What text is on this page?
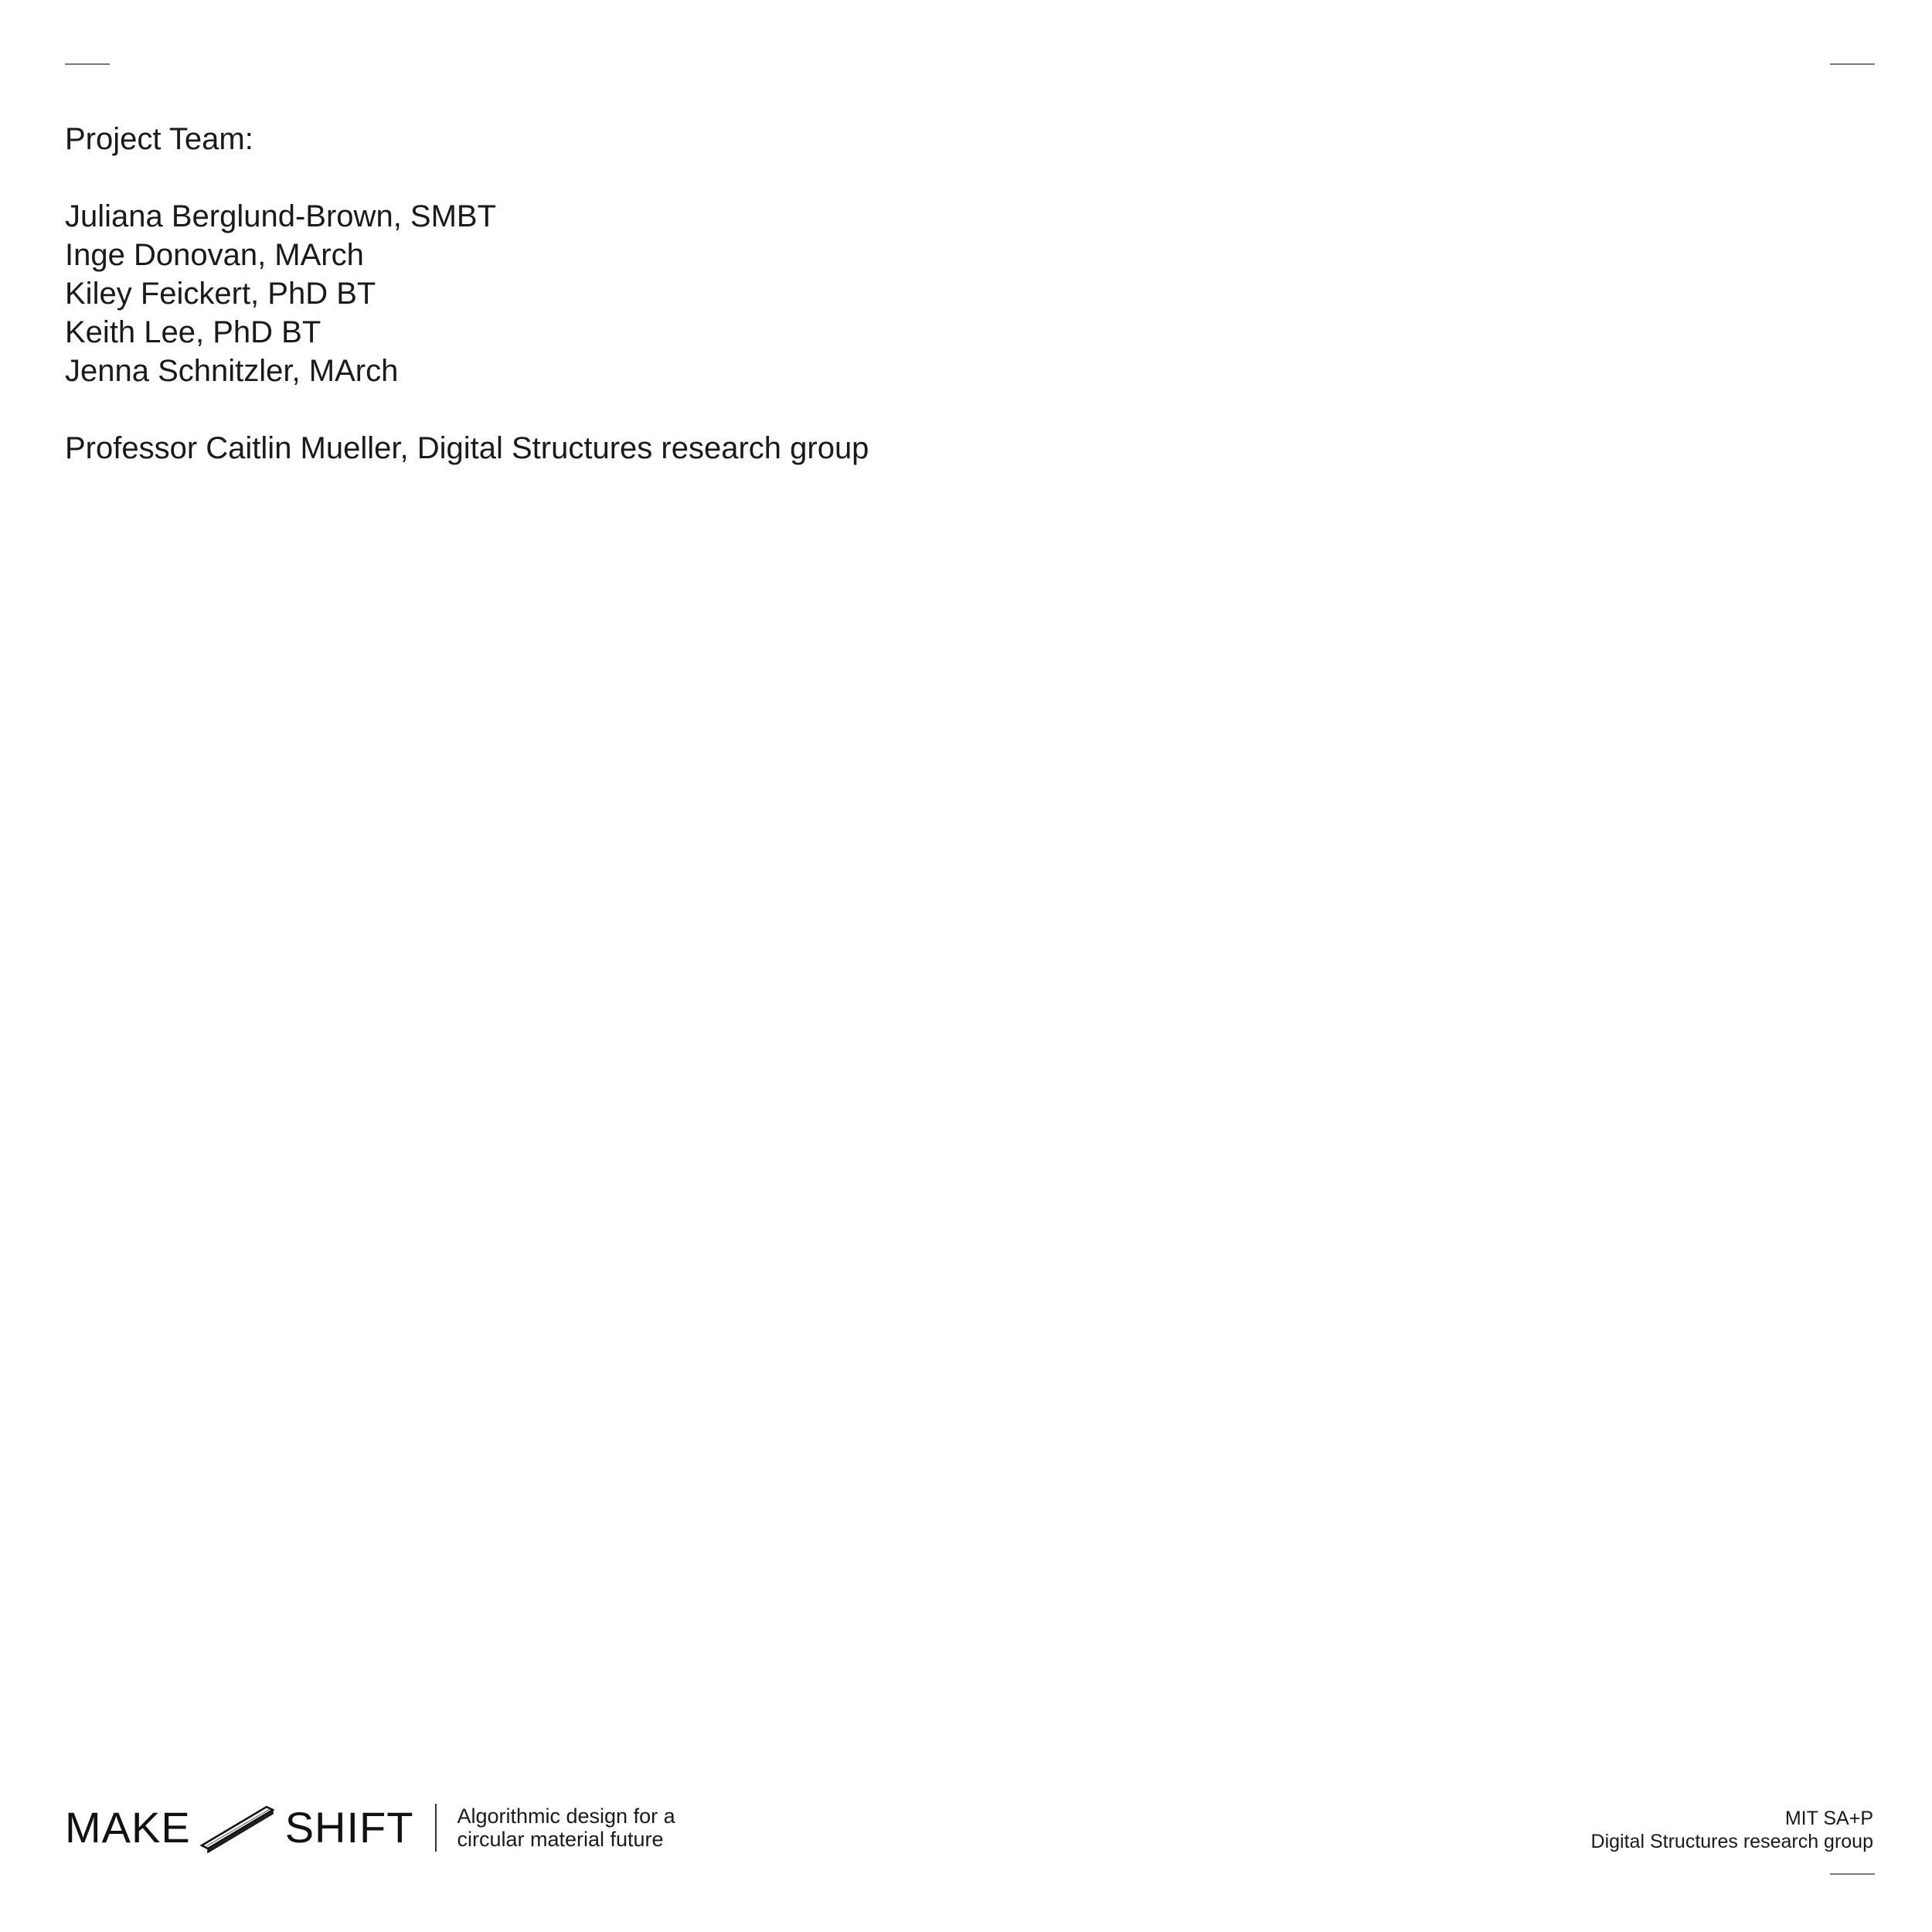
Project Team:
Juliana Berglund-Brown, SMBT
Inge Donovan, MArch
Kiley Feickert, PhD BT
Keith Lee, PhD BT
Jenna Schnitzler, MArch
Professor Caitlin Mueller, Digital Structures research group
MAKE SHIFT Algorithmic design for a
circular material future
MIT SA+P
Digital Structures research group
